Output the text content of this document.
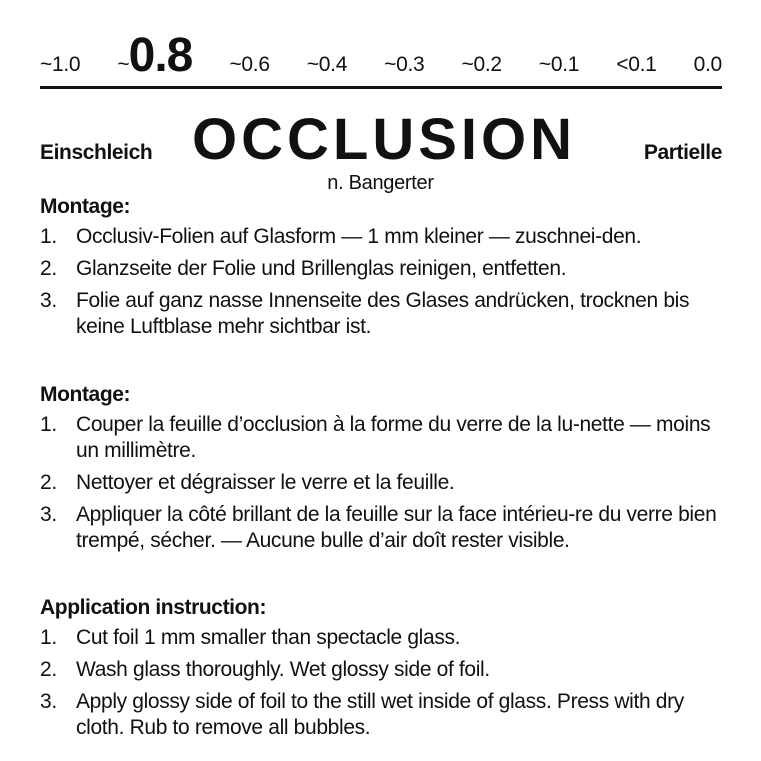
~1.0 ~0.8 ~0.6 ~0.4 ~0.3 ~0.2 ~0.1 <0.1 0.0
Einschleich OCCLUSION	Partielle
n. Bangerter
Montage:
1. Occlusiv-Folien auf Glasform — 1 mm kleiner — zuschnei-den.
2. Glanzseite der Folie und Brillenglas reinigen, entfetten.
3. Folie auf ganz nasse Innenseite des Glases andrücken, trocknen bis keine Luftblase mehr sichtbar ist.
Montage:
1. Couper la feuille d’occlusion à la forme du verre de la lu-nette — moins un millimètre.
2. Nettoyer et dégraisser le verre et la feuille.
3. Appliquer la côté brillant de la feuille sur la face intérieu-re du verre bien trempé, sécher. — Aucune bulle d’air doît rester visible.
Application instruction:
1. Cut foil 1 mm smaller than spectacle glass.
2. Wash glass thoroughly. Wet glossy side of foil.
3. Apply glossy side of foil to the still wet inside of glass. Press with dry cloth. Rub to remove all bubbles.
